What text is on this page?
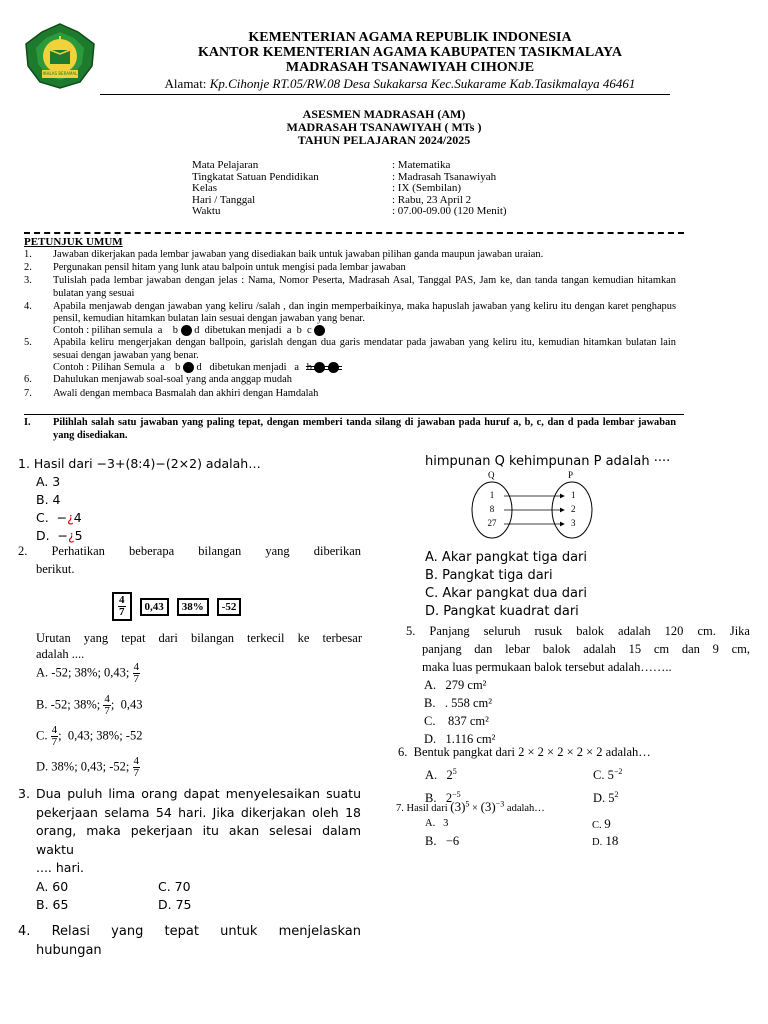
IKHLAS BERAMAL
KEMENTERIAN AGAMA REPUBLIK INDONESIA
KANTOR KEMENTERIAN AGAMA KABUPATEN TASIKMALAYA
MADRASAH TSANAWIYAH CIHONJE
Alamat: Kp.Cihonje RT.05/RW.08 Desa Sukakarsa Kec.Sukarame Kab.Tasikmalaya 46461
ASESMEN MADRASAH (AM)
MADRASAH TSANAWIYAH ( MTs )
TAHUN PELAJARAN 2024/2025
Mata Pelajaran	: Matematika
Tingkatat Satuan Pendidikan	: Madrasah Tsanawiyah
Kelas	: IX (Sembilan)
Hari / Tanggal	: Rabu, 23 April 2
Waktu	: 07.00-09.00 (120 Menit)
PETUNJUK UMUM
1.	Jawaban dikerjakan pada lembar jawaban yang disediakan baik untuk jawaban pilihan ganda maupun jawaban uraian.
2.	Pergunakan pensil hitam yang lunk atau balpoin untuk mengisi pada lembar jawaban
3.	Tulislah pada lembar jawaban dengan jelas : Nama, Nomor Peserta, Madrasah Asal, Tanggal PAS, Jam ke, dan tanda tangan kemudian hitamkan bulatan yang sesuai
4.	Apabila menjawab dengan jawaban yang keliru /salah , dan ingin memperbaikinya, maka hapuslah jawaban yang keliru itu dengan karet penghapus pensil, kemudian hitamkan bulatan lain sesuai dengan jawaban yang benar.
Contoh : pilihan semula  a    b d  dibetukan menjadi  a  b  c
5.	Apabila keliru mengerjakan dengan ballpoin, garislah dengan dua garis mendatar pada jawaban yang keliru itu, kemudian hitamkan bulatan lain sesuai dengan jawaban yang benar.
Contoh : Pilihan Semula  a    b d   dibetukan menjadi   a   b
6.	Dahulukan menjawab soal-soal yang anda anggap mudah
7.	Awali dengan membaca Basmalah dan akhiri dengan Hamdalah
I.	Pilihlah salah satu jawaban yang paling tepat, dengan memberi tanda silang di jawaban pada huruf a, b, c, dan d pada lembar jawaban yang disediakan.
1. Hasil dari −3+(8:4)−(2×2) adalah…
A. 3
B. 4
C.  −¿4
D.  −¿5
2. Perhatikan beberapa bilangan yang diberikan
berikut.
$\frac{4}{7} 0,43$ 38% -52
Urutan yang tepat dari bilangan terkecil ke terbesar
adalah ....
A. -52; 38%; 0,43; $\frac{4}{7}$
B. -52; 38%; $\frac{4}{7}$ ;  0,43
C. $\frac{4}{7}$ ;  0,43; 38%; -52
D. 38%; 0,43; -52; $\frac{4}{7}$
3. Dua puluh lima orang dapat menyelesaikan suatu
pekerjaan selama 54 hari. Jika dikerjakan oleh 18
orang, maka pekerjaan itu akan selesai dalam waktu
.... hari.
A. 60	C. 70
B. 65	D. 75
4. Relasi yang tepat untuk menjelaskan
hubungan
himpunan Q kehimpunan P adalah ····
Q	P
1
8
27
1
2
3
A. Akar pangkat tiga dari
B. Pangkat tiga dari
C. Akar pangkat dua dari
D. Pangkat kuadrat dari
5. Panjang seluruh rusuk balok adalah 120 cm. Jika
panjang dan lebar balok adalah 15 cm dan 9 cm,
maka luas permukaan balok tersebut adalah……..
A.   279 cm²
B.   . 558 cm²
C.    837 cm²
D.   1.116 cm²
6.  Bentuk pangkat dari 2 × 2 × 2 × 2 × 2 adalah…
A. $2^5$	C. $5^{-2}$
B. $2^{-5}$	D. $5^2$
7. Hasil dari $(3)^5 \times (3)^{-3}$ adalah…
A.   3	C. 9
B.   −6	D. 18
